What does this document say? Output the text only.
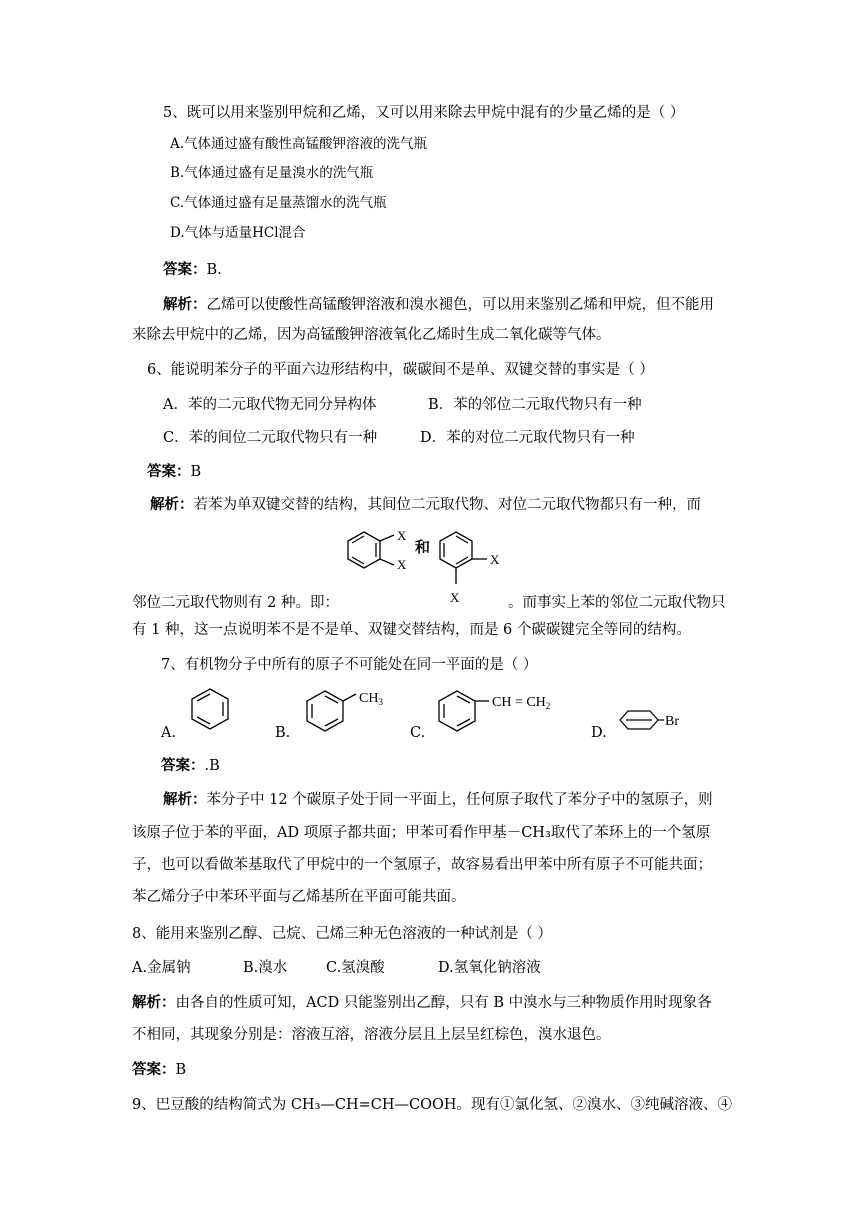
5、既可以用来鉴别甲烷和乙烯，又可以用来除去甲烷中混有的少量乙烯的是（ ）
A.气体通过盛有酸性高锰酸钾溶液的洗气瓶
B.气体通过盛有足量溴水的洗气瓶
C.气体通过盛有足量蒸馏水的洗气瓶
D.气体与适量HCl混合
答案：B.
解析：乙烯可以使酸性高锰酸钾溶液和溴水褪色，可以用来鉴别乙烯和甲烷，但不能用
来除去甲烷中的乙烯，因为高锰酸钾溶液氧化乙烯时生成二氧化碳等气体。
6、能说明苯分子的平面六边形结构中，碳碳间不是单、双键交替的事实是（ ）
A．苯的二元取代物无同分异构体	B．苯的邻位二元取代物只有一种
C．苯的间位二元取代物只有一种	D．苯的对位二元取代物只有一种
答案：B
解析：若苯为单双键交替的结构，其间位二元取代物、对位二元取代物都只有一种，而
X
X
和
X
X
邻位二元取代物则有 2 种。即：	。而事实上苯的邻位二元取代物只
有 1 种，这一点说明苯不是不是单、双键交替结构，而是 6 个碳碳键完全等同的结构。
7、有机物分子中所有的原子不可能处在同一平面的是（ ）
A.	B.
$CH_3$
C.
CH = $CH_2$
D.
Br
答案：.B
解析：苯分子中 12 个碳原子处于同一平面上，任何原子取代了苯分子中的氢原子，则
该原子位于苯的平面，AD 项原子都共面；甲苯可看作甲基－CH₃取代了苯环上的一个氢原
子，也可以看做苯基取代了甲烷中的一个氢原子，故容易看出甲苯中所有原子不可能共面；
苯乙烯分子中苯环平面与乙烯基所在平面可能共面。
8、能用来鉴别乙醇、己烷、己烯三种无色溶液的一种试剂是（ ）
A.金属钠	B.溴水	C.氢溴酸	D.氢氧化钠溶液
解析：由各自的性质可知，ACD 只能鉴别出乙醇，只有 B 中溴水与三种物质作用时现象各
不相同，其现象分别是：溶液互溶，溶液分层且上层呈红棕色，溴水退色。
答案：B
9、巴豆酸的结构简式为 CH₃—CH=CH—COOH。现有①氯化氢、②溴水、③纯碱溶液、④
